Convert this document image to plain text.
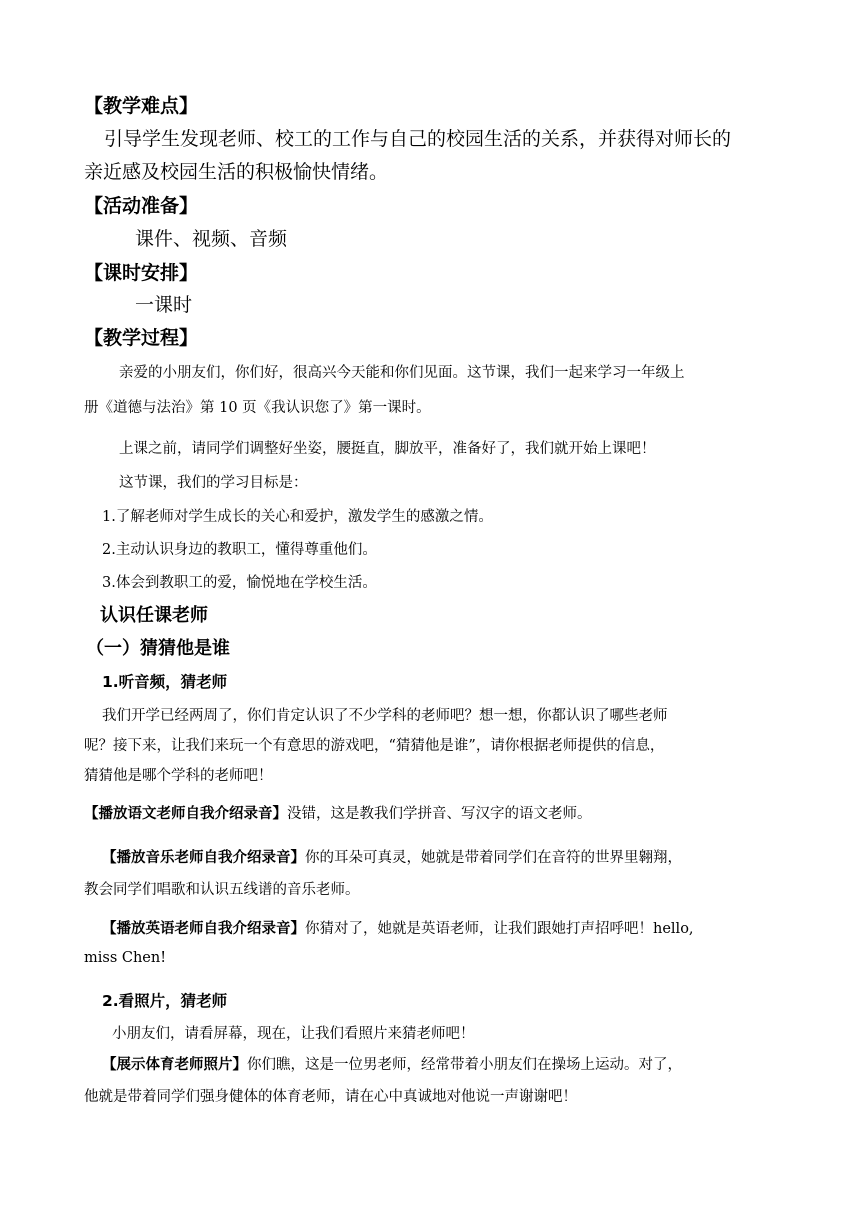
【教学难点】
引导学生发现老师、校工的工作与自己的校园生活的关系，并获得对师长的
亲近感及校园生活的积极愉快情绪。
【活动准备】
课件、视频、音频
【课时安排】
一课时
【教学过程】
亲爱的小朋友们，你们好，很高兴今天能和你们见面。这节课，我们一起来学习一年级上
册《道德与法治》第 10 页《我认识您了》第一课时。
上课之前，请同学们调整好坐姿，腰挺直，脚放平，准备好了，我们就开始上课吧！
这节课，我们的学习目标是：
1.了解老师对学生成长的关心和爱护，激发学生的感激之情。
2.主动认识身边的教职工，懂得尊重他们。
3.体会到教职工的爱，愉悦地在学校生活。
认识任课老师
（一）猜猜他是谁
1.听音频，猜老师
我们开学已经两周了，你们肯定认识了不少学科的老师吧？想一想，你都认识了哪些老师
呢？接下来，让我们来玩一个有意思的游戏吧，“猜猜他是谁”，请你根据老师提供的信息，
猜猜他是哪个学科的老师吧！
【播放语文老师自我介绍录音】没错，这是教我们学拼音、写汉字的语文老师。
【播放音乐老师自我介绍录音】你的耳朵可真灵，她就是带着同学们在音符的世界里翱翔，
教会同学们唱歌和认识五线谱的音乐老师。
【播放英语老师自我介绍录音】你猜对了，她就是英语老师，让我们跟她打声招呼吧！hello,
miss Chen!
2.看照片，猜老师
小朋友们，请看屏幕，现在，让我们看照片来猜老师吧！
【展示体育老师照片】你们瞧，这是一位男老师，经常带着小朋友们在操场上运动。对了，
他就是带着同学们强身健体的体育老师，请在心中真诚地对他说一声谢谢吧！
